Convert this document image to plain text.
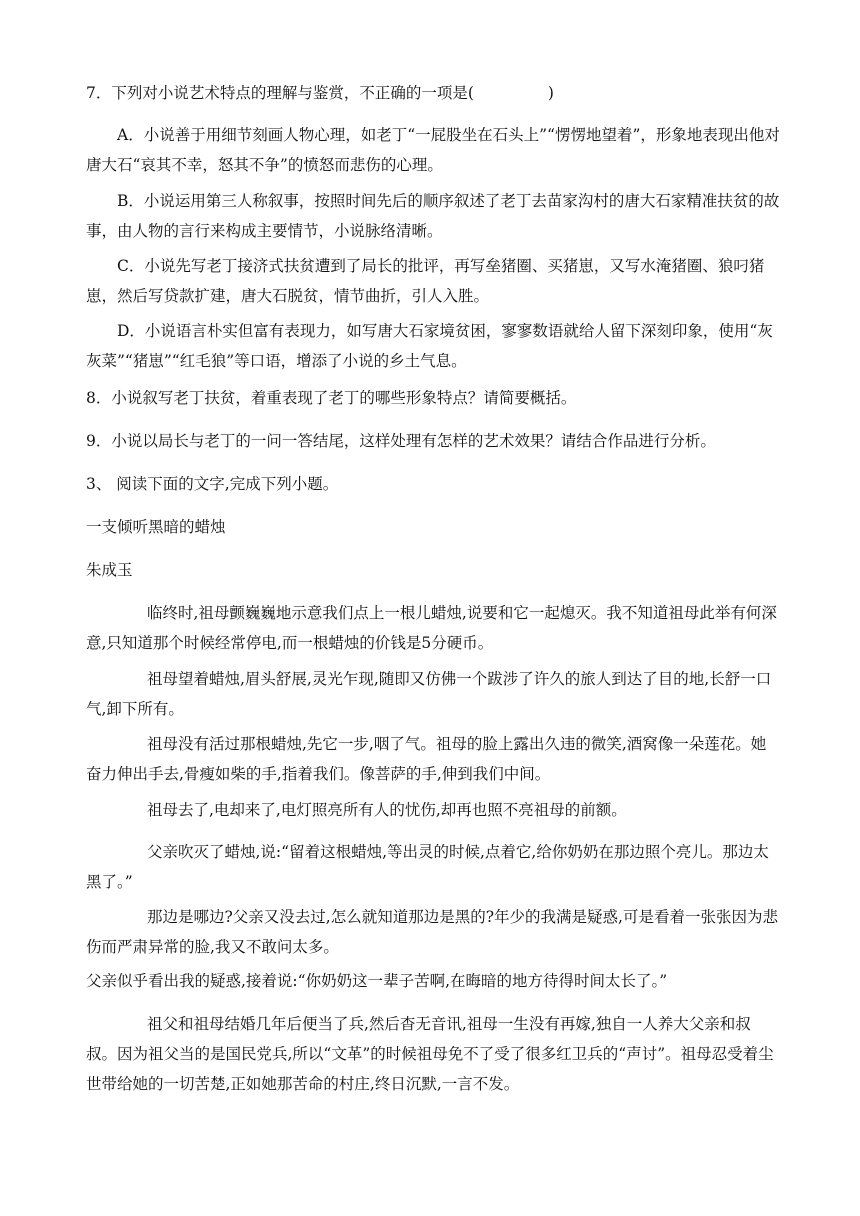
7．下列对小说艺术特点的理解与鉴赏，不正确的一项是(	)

A．小说善于用细节刻画人物心理，如老丁“一屁股坐在石头上”“愣愣地望着”，形象地表现出他对唐大石“哀其不幸，怒其不争”的愤怒而悲伤的心理。

B．小说运用第三人称叙事，按照时间先后的顺序叙述了老丁去苗家沟村的唐大石家精准扶贫的故事，由人物的言行来构成主要情节，小说脉络清晰。

C．小说先写老丁接济式扶贫遭到了局长的批评，再写垒猪圈、买猪崽，又写水淹猪圈、狼叼猪崽，然后写贷款扩建，唐大石脱贫，情节曲折，引人入胜。

D．小说语言朴实但富有表现力，如写唐大石家境贫困，寥寥数语就给人留下深刻印象，使用“灰灰菜”“猪崽”“红毛狼”等口语，增添了小说的乡土气息。

8．小说叙写老丁扶贫，着重表现了老丁的哪些形象特点？请简要概括。

9．小说以局长与老丁的一问一答结尾，这样处理有怎样的艺术效果？请结合作品进行分析。

3、 阅读下面的文字,完成下列小题。

一支倾听黑暗的蜡烛

朱成玉

临终时,祖母颤巍巍地示意我们点上一根儿蜡烛,说要和它一起熄灭。我不知道祖母此举有何深意,只知道那个时候经常停电,而一根蜡烛的价钱是5分硬币。

祖母望着蜡烛,眉头舒展,灵光乍现,随即又仿佛一个跋涉了许久的旅人到达了目的地,长舒一口气,卸下所有。

祖母没有活过那根蜡烛,先它一步,咽了气。祖母的脸上露出久违的微笑,酒窝像一朵莲花。她奋力伸出手去,骨瘦如柴的手,指着我们。像菩萨的手,伸到我们中间。

祖母去了,电却来了,电灯照亮所有人的忧伤,却再也照不亮祖母的前额。

父亲吹灭了蜡烛,说:“留着这根蜡烛,等出灵的时候,点着它,给你奶奶在那边照个亮儿。那边太黑了。”

那边是哪边?父亲又没去过,怎么就知道那边是黑的?年少的我满是疑惑,可是看着一张张因为悲伤而严肃异常的脸,我又不敢问太多。

父亲似乎看出我的疑惑,接着说:“你奶奶这一辈子苦啊,在晦暗的地方待得时间太长了。”

祖父和祖母结婚几年后便当了兵,然后杳无音讯,祖母一生没有再嫁,独自一人养大父亲和叔叔。因为祖父当的是国民党兵,所以“文革”的时候祖母免不了受了很多红卫兵的“声讨”。祖母忍受着尘世带给她的一切苦楚,正如她那苦命的村庄,终日沉默,一言不发。
